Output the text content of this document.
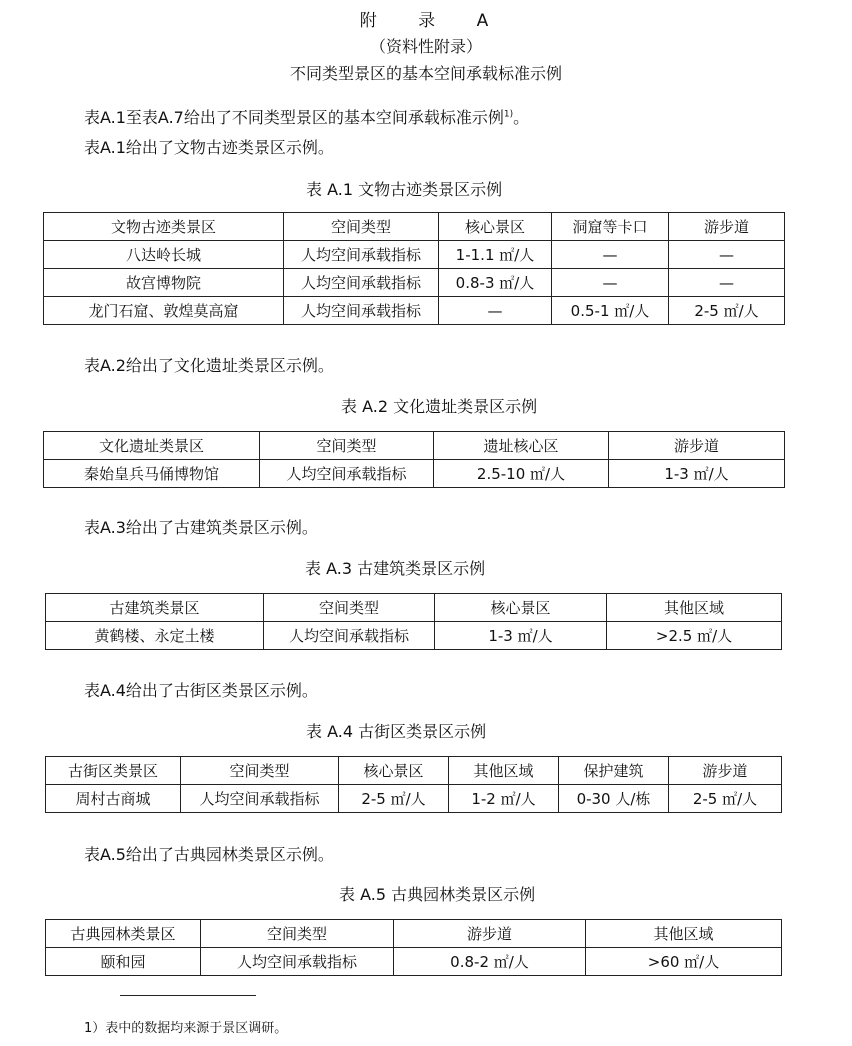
附 录 A
（资料性附录）
不同类型景区的基本空间承载标准示例
表A.1至表A.7给出了不同类型景区的基本空间承载标准示例$^{1)}$。
表A.1给出了文物古迹类景区示例。
表 A.1 文物古迹类景区示例
文物古迹类景区	空间类型	核心景区	洞窟等卡口	游步道
八达岭长城	人均空间承载指标	1-1.1 ㎡/人	—	—
故宫博物院	人均空间承载指标	0.8-3 ㎡/人	—	—
龙门石窟、敦煌莫高窟	人均空间承载指标	—	0.5-1 ㎡/人	2-5 ㎡/人
表A.2给出了文化遗址类景区示例。
表 A.2 文化遗址类景区示例
文化遗址类景区	空间类型	遗址核心区	游步道
秦始皇兵马俑博物馆	人均空间承载指标	2.5-10 ㎡/人	1-3 ㎡/人
表A.3给出了古建筑类景区示例。
表 A.3 古建筑类景区示例
古建筑类景区	空间类型	核心景区	其他区域
黄鹤楼、永定土楼	人均空间承载指标	1-3 ㎡/人	>2.5 ㎡/人
表A.4给出了古街区类景区示例。
表 A.4 古街区类景区示例
古街区类景区	空间类型	核心景区	其他区域	保护建筑	游步道
周村古商城	人均空间承载指标	2-5 ㎡/人	1-2 ㎡/人	0-30 人/栋	2-5 ㎡/人
表A.5给出了古典园林类景区示例。
表 A.5 古典园林类景区示例
古典园林类景区	空间类型	游步道	其他区域
颐和园	人均空间承载指标	0.8-2 ㎡/人	>60 ㎡/人
1）表中的数据均来源于景区调研。
